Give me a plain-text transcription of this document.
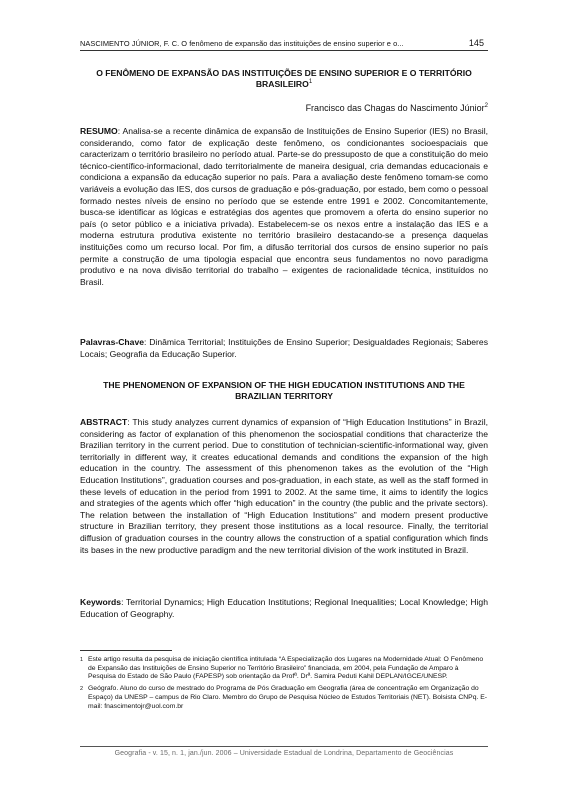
NASCIMENTO JÚNIOR, F. C. O fenômeno de expansão das instituições de ensino superior e o...	145
O FENÔMENO DE EXPANSÃO DAS INSTITUIÇÕES DE ENSINO SUPERIOR E O TERRITÓRIO BRASILEIRO$^1$
Francisco das Chagas do Nascimento Júnior$^2$
RESUMO: Analisa-se a recente dinâmica de expansão de Instituições de Ensino Superior (IES) no Brasil, considerando, como fator de explicação deste fenômeno, os condicionantes socioespaciais que caracterizam o território brasileiro no período atual. Parte-se do pressuposto de que a constituição do meio técnico-científico-informacional, dado territorialmente de maneira desigual, cria demandas educacionais e condiciona a expansão da educação superior no país. Para a avaliação deste fenômeno tomam-se como variáveis a evolução das IES, dos cursos de graduação e pós-graduação, por estado, bem como o pessoal formado nestes níveis de ensino no período que se estende entre 1991 e 2002. Concomitantemente, busca-se identificar as lógicas e estratégias dos agentes que promovem a oferta do ensino superior no país (o setor público e a iniciativa privada). Estabelecem-se os nexos entre a instalação das IES e a moderna estrutura produtiva existente no território brasileiro destacando-se a presença daquelas instituições como um recurso local. Por fim, a difusão territorial dos cursos de ensino superior no país permite a construção de uma tipologia espacial que encontra seus fundamentos no novo paradigma produtivo e na nova divisão territorial do trabalho – exigentes de racionalidade técnica, instituídos no Brasil.
Palavras-Chave: Dinâmica Territorial; Instituições de Ensino Superior; Desigualdades Regionais; Saberes Locais; Geografia da Educação Superior.
THE PHENOMENON OF EXPANSION OF THE HIGH EDUCATION INSTITUTIONS AND THE BRAZILIAN TERRITORY
ABSTRACT: This study analyzes current dynamics of expansion of “High Education Institutions” in Brazil, considering as factor of explanation of this phenomenon the sociospatial conditions that characterize the Brazilian territory in the current period. Due to constitution of technician-scientific-informational way, given territorially in different way, it creates educational demands and conditions the expansion of the high education in the country. The assessment of this phenomenon takes as the evolution of the “High Education Institutions”, graduation courses and pos-graduation, in each state, as well as the staff formed in these levels of education in the period from 1991 to 2002. At the same time, it aims to identify the logics and strategies of the agents which offer “high education” in the country (the public and the private sectors). The relation between the installation of “High Education Institutions” and modern present productive structure in Brazilian territory, they present those institutions as a local resource. Finally, the territorial diffusion of graduation courses in the country allows the construction of a spatial configuration which finds its bases in the new productive paradigm and the new territorial division of the work instituted in Brazil.
Keywords: Territorial Dynamics; High Education Institutions; Regional Inequalities; Local Knowledge; High Education of Geography.
1 Este artigo resulta da pesquisa de iniciação científica intitulada “A Especialização dos Lugares na Modernidade Atual: O Fenômeno de Expansão das Instituições de Ensino Superior no Território Brasileiro” financiada, em 2004, pela Fundação de Amparo à Pesquisa do Estado de São Paulo (FAPESP) sob orientação da Profª. Drª. Samira Peduti Kahil DEPLAN/IGCE/UNESP.
2 Geógrafo. Aluno do curso de mestrado do Programa de Pós Graduação em Geografia (área de concentração em Organização do Espaço) da UNESP – campus de Rio Claro. Membro do Grupo de Pesquisa Núcleo de Estudos Territoriais (NET). Bolsista CNPq. E-mail: fnascimentojr@uol.com.br
Geografia - v. 15, n. 1, jan./jun. 2006 – Universidade Estadual de Londrina, Departamento de Geociências
